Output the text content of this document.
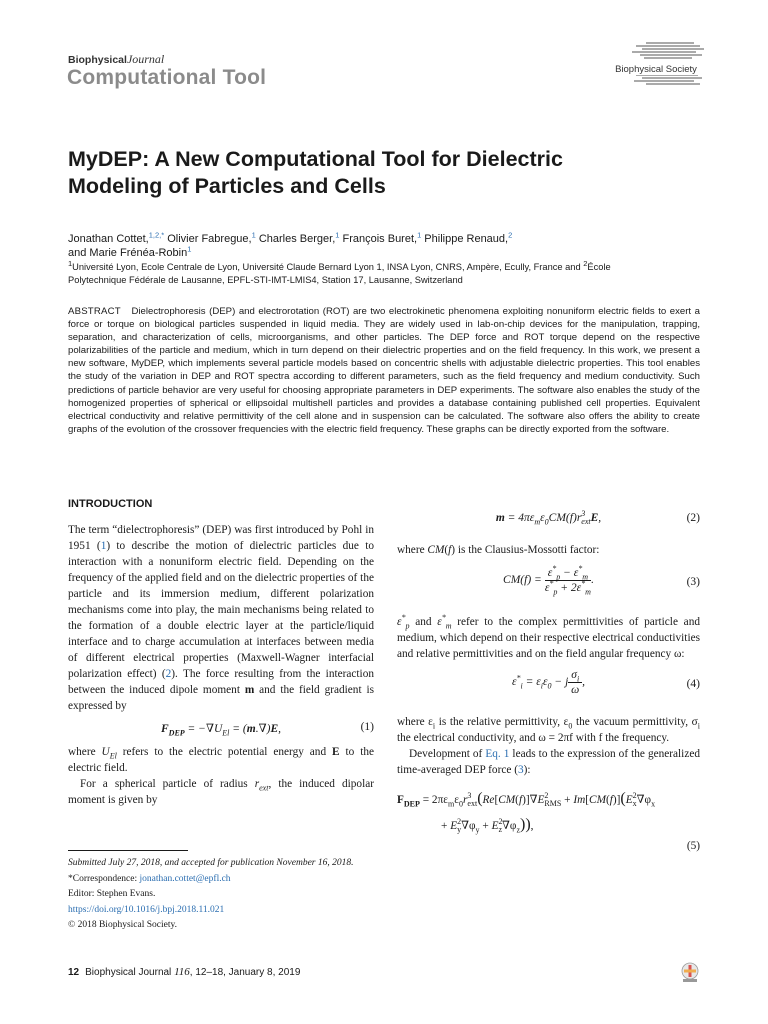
BiophysicalJournal
Computational Tool	Biophysical Society
MyDEP: A New Computational Tool for Dielectric
Modeling of Particles and Cells
Jonathan Cottet,$^{1,2,*}$ Olivier Fabregue,$^1$ Charles Berger,$^1$ François Buret,$^1$ Philippe Renaud,$^2$
and Marie Frénéa-Robin$^1$
$^1$Université Lyon, Ecole Centrale de Lyon, Université Claude Bernard Lyon 1, INSA Lyon, CNRS, Ampère, Ecully, France and $^2$École
Polytechnique Fédérale de Lausanne, EPFL-STI-IMT-LMIS4, Station 17, Lausanne, Switzerland
ABSTRACT Dielectrophoresis (DEP) and electrorotation (ROT) are two electrokinetic phenomena exploiting nonuniform electric fields to exert a force or torque on biological particles suspended in liquid media. They are widely used in lab-on-chip devices for the manipulation, trapping, separation, and characterization of cells, microorganisms, and other particles. The DEP force and ROT torque depend on the respective polarizabilities of the particle and medium, which in turn depend on their dielectric properties and on the field frequency. In this work, we present a new software, MyDEP, which implements several particle models based on concentric shells with adjustable dielectric properties. This tool enables the study of the variation in DEP and ROT spectra according to different parameters, such as the field frequency and medium conductivity. Such predictions of particle behavior are very useful for choosing appropriate parameters in DEP experiments. The software also enables the study of the homogenized properties of spherical or ellipsoidal multishell particles and provides a database containing published cell properties. Equivalent electrical conductivity and relative permittivity of the cell alone and in suspension can be calculated. The software also offers the ability to create graphs of the evolution of the crossover frequencies with the electric field frequency. These graphs can be directly exported from the software.
INTRODUCTION
The term “dielectrophoresis” (DEP) was first introduced by Pohl in 1951 (1) to describe the motion of dielectric particles due to interaction with a nonuniform electric field. Depending on the frequency of the applied field and on the dielectric properties of the particle and its immersion medium, different polarization mechanisms come into play, the main mechanisms being related to the formation of a double electric layer at the particle/liquid interface and to charge accumulation at interfaces between media of different electrical properties (Maxwell-Wagner interfacial polarization effect) (2). The force resulting from the interaction between the induced dipole moment m and the field gradient is expressed by
$F_{DEP} = -\nabla U_{El} = (m.\nabla)E$,	(1)
where $U_{El}$ refers to the electric potential energy and E to the electric field.
For a spherical particle of radius $r_{ext}$, the induced dipolar moment is given by
Submitted July 27, 2018, and accepted for publication November 16, 2018.
*Correspondence: jonathan.cottet@epfl.ch
Editor: Stephen Evans.
https://doi.org/10.1016/j.bpj.2018.11.021
© 2018 Biophysical Society.
$m = 4\pi\varepsilon_m\varepsilon_0CM(f)r^3_{ext}E$,	(2)
where CM(f) is the Clausius-Mossotti factor:
$CM(f) = \frac{\varepsilon^*_p - \varepsilon^*_m}{\varepsilon^*_p + 2\varepsilon^*_m}$ .	(3)
$\varepsilon^*_p$ and $\varepsilon^*_m$ refer to the complex permittivities of particle and medium, which depend on their respective electrical conductivities and relative permittivities and on the field angular frequency ω:
$\varepsilon^*_i = \varepsilon_i\varepsilon_0 - j \frac{\sigma_i}{\omega}$ ,	(4)
where $\varepsilon_i$ is the relative permittivity, $\varepsilon_0$ the vacuum permittivity, $\sigma_i$ the electrical conductivity, and ω = 2πf with f the frequency.
Development of Eq. 1 leads to the expression of the generalized time-averaged DEP force (3):
$F_{DEP} = 2\pi\varepsilon_m\varepsilon_0r^3_{ext}(Re[CM(f)]\nabla E^2_{RMS} + Im[CM(f)](E^2_x\nabla\varphi_x$
+ $E^2_y\nabla\varphi_y + E^2_z\nabla\varphi_z$)),
(5)
12 Biophysical Journal 116, 12–18, January 8, 2019
